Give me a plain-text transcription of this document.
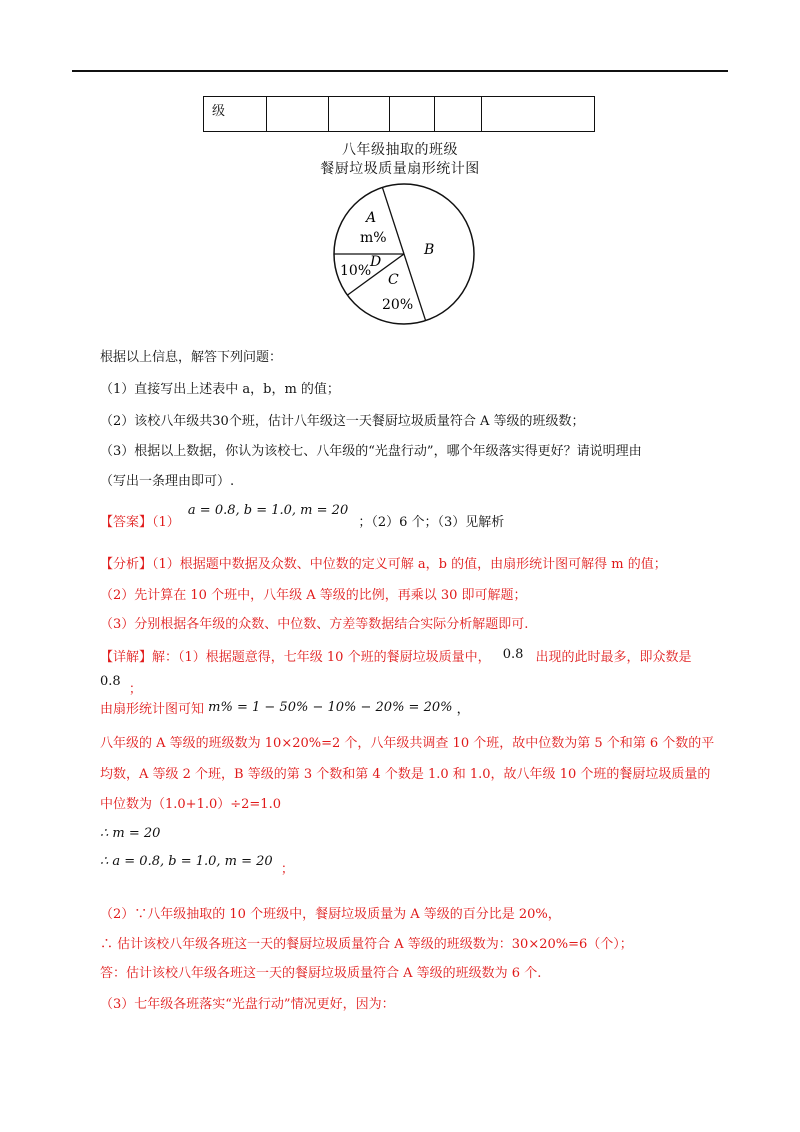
级					
八年级抽取的班级
餐厨垃圾质量扇形统计图
A
m%
B
C
20%
D
10%
根据以上信息，解答下列问题：
（1）直接写出上述表中 a，b，m 的值；
（2）该校八年级共30个班，估计八年级这一天餐厨垃圾质量符合 A 等级的班级数；
（3）根据以上数据，你认为该校七、八年级的“光盘行动”，哪个年级落实得更好？请说明理由
（写出一条理由即可）.
【答案】（1） a = 0.8, b = 1.0, m = 20 ；（2）6 个；（3）见解析
【分析】（1）根据题中数据及众数、中位数的定义可解 a，b 的值，由扇形统计图可解得 m 的值；
（2）先计算在 10 个班中，八年级 A 等级的比例，再乘以 30 即可解题；
（3）分别根据各年级的众数、中位数、方差等数据结合实际分析解题即可.
【详解】解：（1）根据题意得，七年级 10 个班的餐厨垃圾质量中， 0.8 出现的此时最多，即众数是
0.8 ；
由扇形统计图可知 m% = 1 − 50% − 10% − 20% = 20% ，
八年级的 A 等级的班级数为 10×20%=2 个，八年级共调查 10 个班，故中位数为第 5 个和第 6 个数的平
均数，A 等级 2 个班，B 等级的第 3 个数和第 4 个数是 1.0 和 1.0，故八年级 10 个班的餐厨垃圾质量的
中位数为（1.0+1.0）÷2=1.0
∴ m = 20
∴ a = 0.8, b = 1.0, m = 20 ；
（2）∵八年级抽取的 10 个班级中，餐厨垃圾质量为 A 等级的百分比是 20%，
∴ 估计该校八年级各班这一天的餐厨垃圾质量符合 A 等级的班级数为：30×20%=6（个）；
答：估计该校八年级各班这一天的餐厨垃圾质量符合 A 等级的班级数为 6 个.
（3）七年级各班落实“光盘行动”情况更好，因为：
